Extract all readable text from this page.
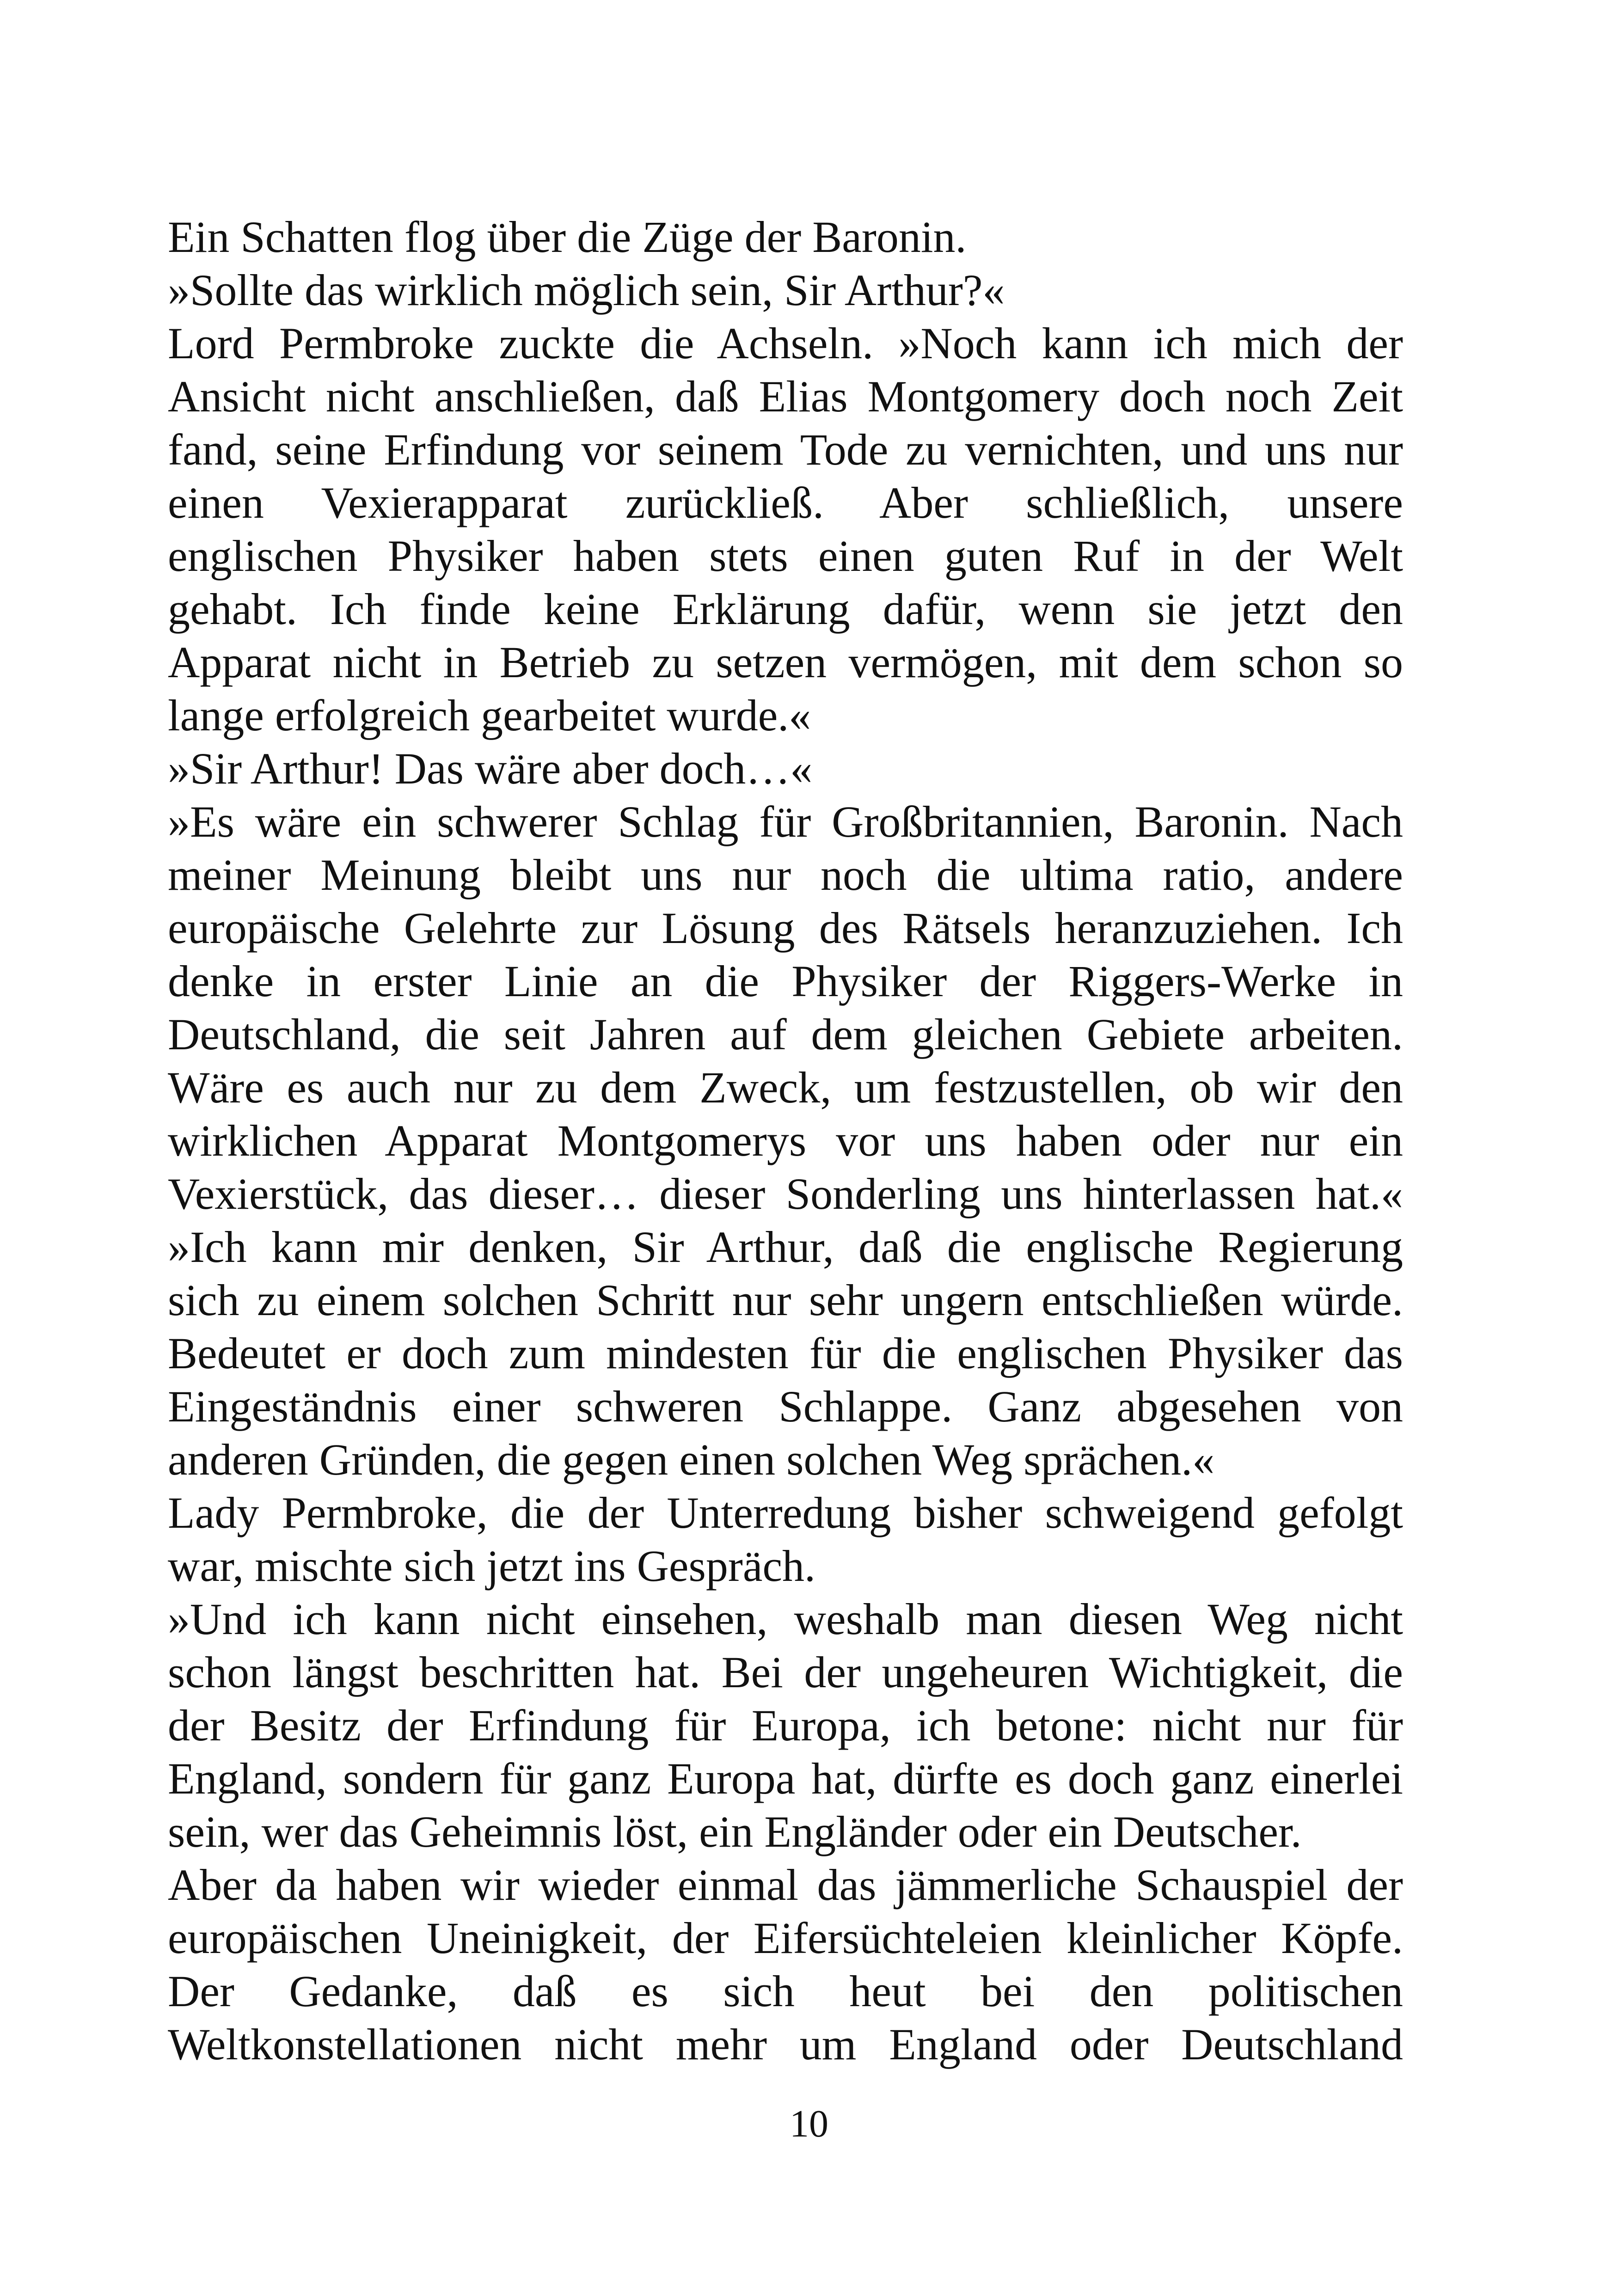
Ein Schatten flog über die Züge der Baronin.
»Sollte das wirklich möglich sein, Sir Arthur?«
Lord Permbroke zuckte die Achseln. »Noch kann ich mich der
Ansicht nicht anschließen, daß Elias Montgomery doch noch Zeit
fand, seine Erfindung vor seinem Tode zu vernichten, und uns nur
einen Vexierapparat zurückließ. Aber schließlich, unsere
englischen Physiker haben stets einen guten Ruf in der Welt
gehabt. Ich finde keine Erklärung dafür, wenn sie jetzt den
Apparat nicht in Betrieb zu setzen vermögen, mit dem schon so
lange erfolgreich gearbeitet wurde.«
»Sir Arthur! Das wäre aber doch…«
»Es wäre ein schwerer Schlag für Großbritannien, Baronin. Nach
meiner Meinung bleibt uns nur noch die ultima ratio, andere
europäische Gelehrte zur Lösung des Rätsels heranzuziehen. Ich
denke in erster Linie an die Physiker der Riggers-Werke in
Deutschland, die seit Jahren auf dem gleichen Gebiete arbeiten.
Wäre es auch nur zu dem Zweck, um festzustellen, ob wir den
wirklichen Apparat Montgomerys vor uns haben oder nur ein
Vexierstück, das dieser… dieser Sonderling uns hinterlassen hat.«
»Ich kann mir denken, Sir Arthur, daß die englische Regierung
sich zu einem solchen Schritt nur sehr ungern entschließen würde.
Bedeutet er doch zum mindesten für die englischen Physiker das
Eingeständnis einer schweren Schlappe. Ganz abgesehen von
anderen Gründen, die gegen einen solchen Weg sprächen.«
Lady Permbroke, die der Unterredung bisher schweigend gefolgt
war, mischte sich jetzt ins Gespräch.
»Und ich kann nicht einsehen, weshalb man diesen Weg nicht
schon längst beschritten hat. Bei der ungeheuren Wichtigkeit, die
der Besitz der Erfindung für Europa, ich betone: nicht nur für
England, sondern für ganz Europa hat, dürfte es doch ganz einerlei
sein, wer das Geheimnis löst, ein Engländer oder ein Deutscher.
Aber da haben wir wieder einmal das jämmerliche Schauspiel der
europäischen Uneinigkeit, der Eifersüchteleien kleinlicher Köpfe.
Der Gedanke, daß es sich heut bei den politischen
Weltkonstellationen nicht mehr um England oder Deutschland
10
